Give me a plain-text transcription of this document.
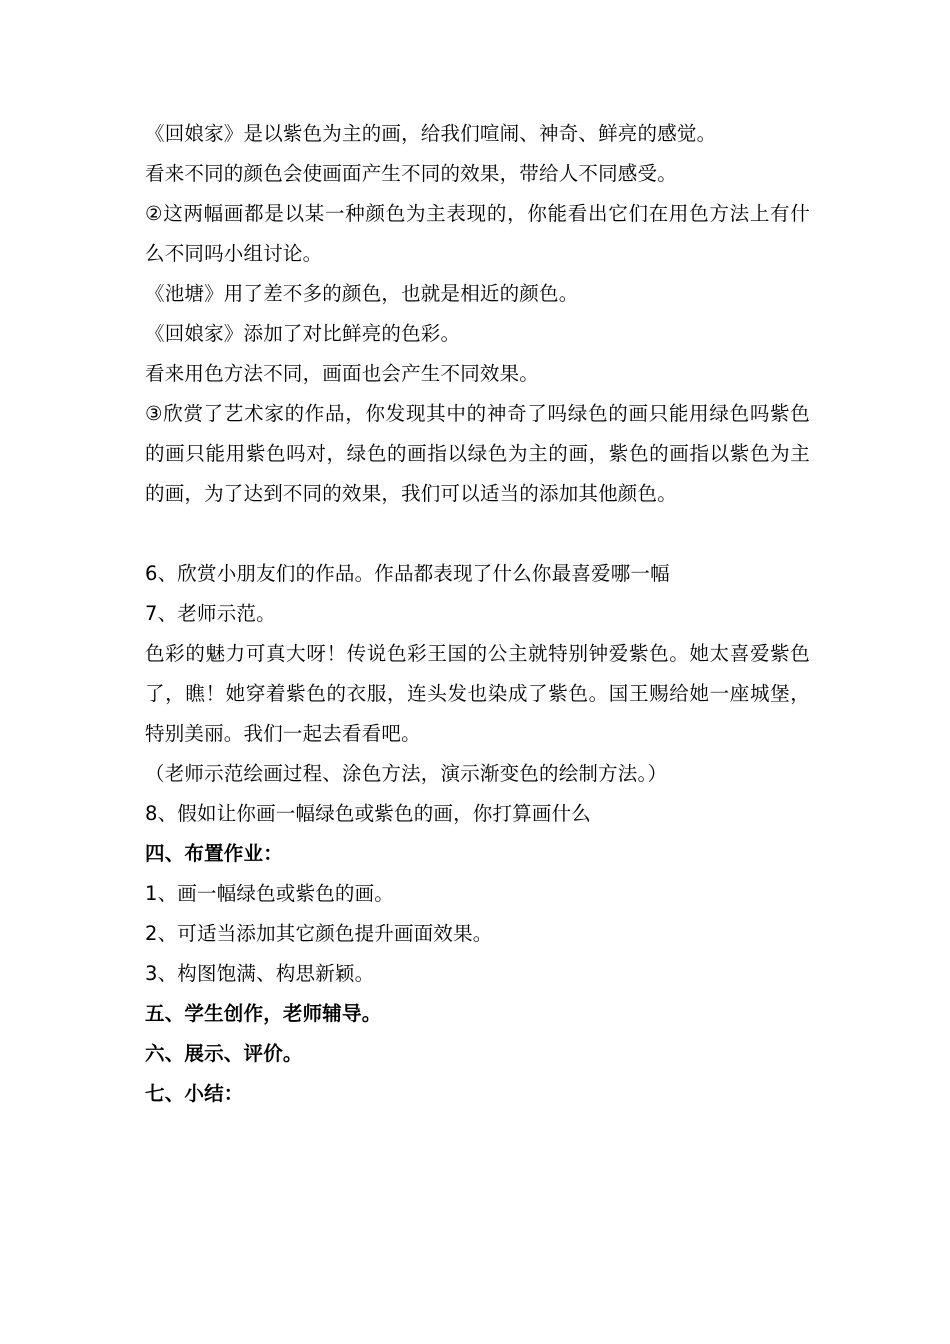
《回娘家》是以紫色为主的画，给我们喧闹、神奇、鲜亮的感觉。
看来不同的颜色会使画面产生不同的效果，带给人不同感受。
②这两幅画都是以某一种颜色为主表现的，你能看出它们在用色方法上有什么不同吗小组讨论。
《池塘》用了差不多的颜色，也就是相近的颜色。
《回娘家》添加了对比鲜亮的色彩。
看来用色方法不同，画面也会产生不同效果。
③欣赏了艺术家的作品，你发现其中的神奇了吗绿色的画只能用绿色吗紫色的画只能用紫色吗对，绿色的画指以绿色为主的画，紫色的画指以紫色为主的画，为了达到不同的效果，我们可以适当的添加其他颜色。
6、欣赏小朋友们的作品。作品都表现了什么你最喜爱哪一幅
7、老师示范。
色彩的魅力可真大呀！传说色彩王国的公主就特别钟爱紫色。她太喜爱紫色了，瞧！她穿着紫色的衣服，连头发也染成了紫色。国王赐给她一座城堡，特别美丽。我们一起去看看吧。
（老师示范绘画过程、涂色方法，演示渐变色的绘制方法。）
8、假如让你画一幅绿色或紫色的画，你打算画什么
四、布置作业：
1、画一幅绿色或紫色的画。
2、可适当添加其它颜色提升画面效果。
3、构图饱满、构思新颖。
五、学生创作，老师辅导。
六、展示、评价。
七、小结：
